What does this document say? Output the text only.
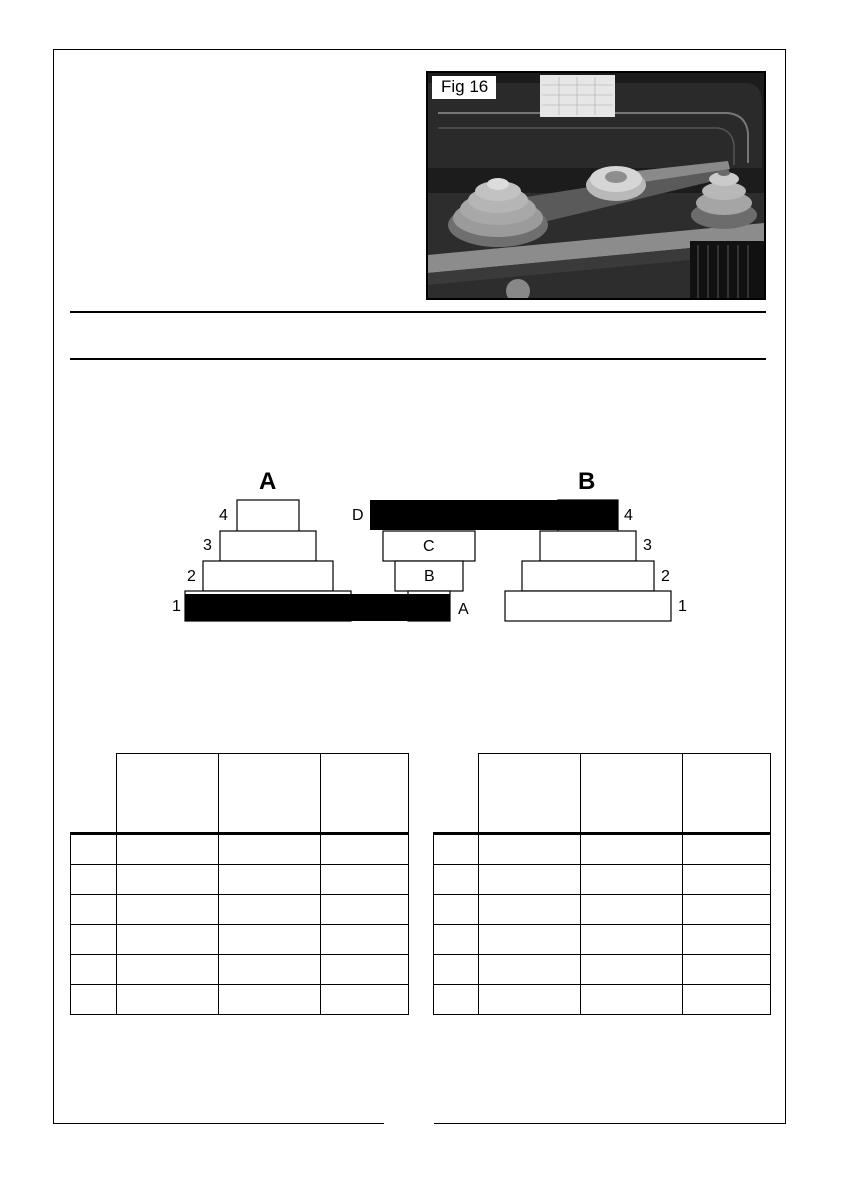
Fig 16
A	B
4
3
2
1
D
C
B
A
4
3
2
1
